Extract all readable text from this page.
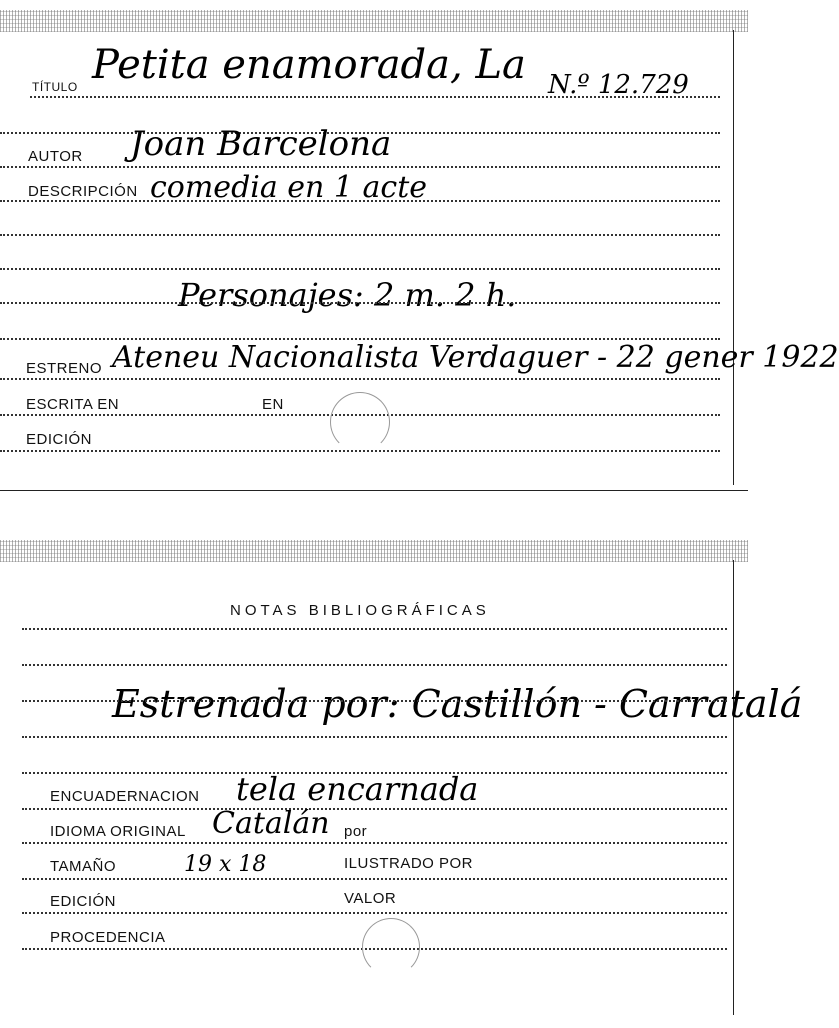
TÍTULO Petita enamorada, La N.º 12.729
AUTOR Joan Barcelona
DESCRIPCIÓN comedia en 1 acte
Personajes: 2 m. 2 h.
ESTRENO Ateneu Nacionalista Verdaguer - 22 gener 1922
ESCRITA EN	EN
EDICIÓN
NOTAS BIBLIOGRÁFICAS
Estrenada por: Castillón - Carratalá
ENCUADERNACION tela encarnada
IDIOMA ORIGINAL Catalán por
TAMAÑO	19 x 18	ILUSTRADO POR
EDICIÓN	VALOR
PROCEDENCIA
